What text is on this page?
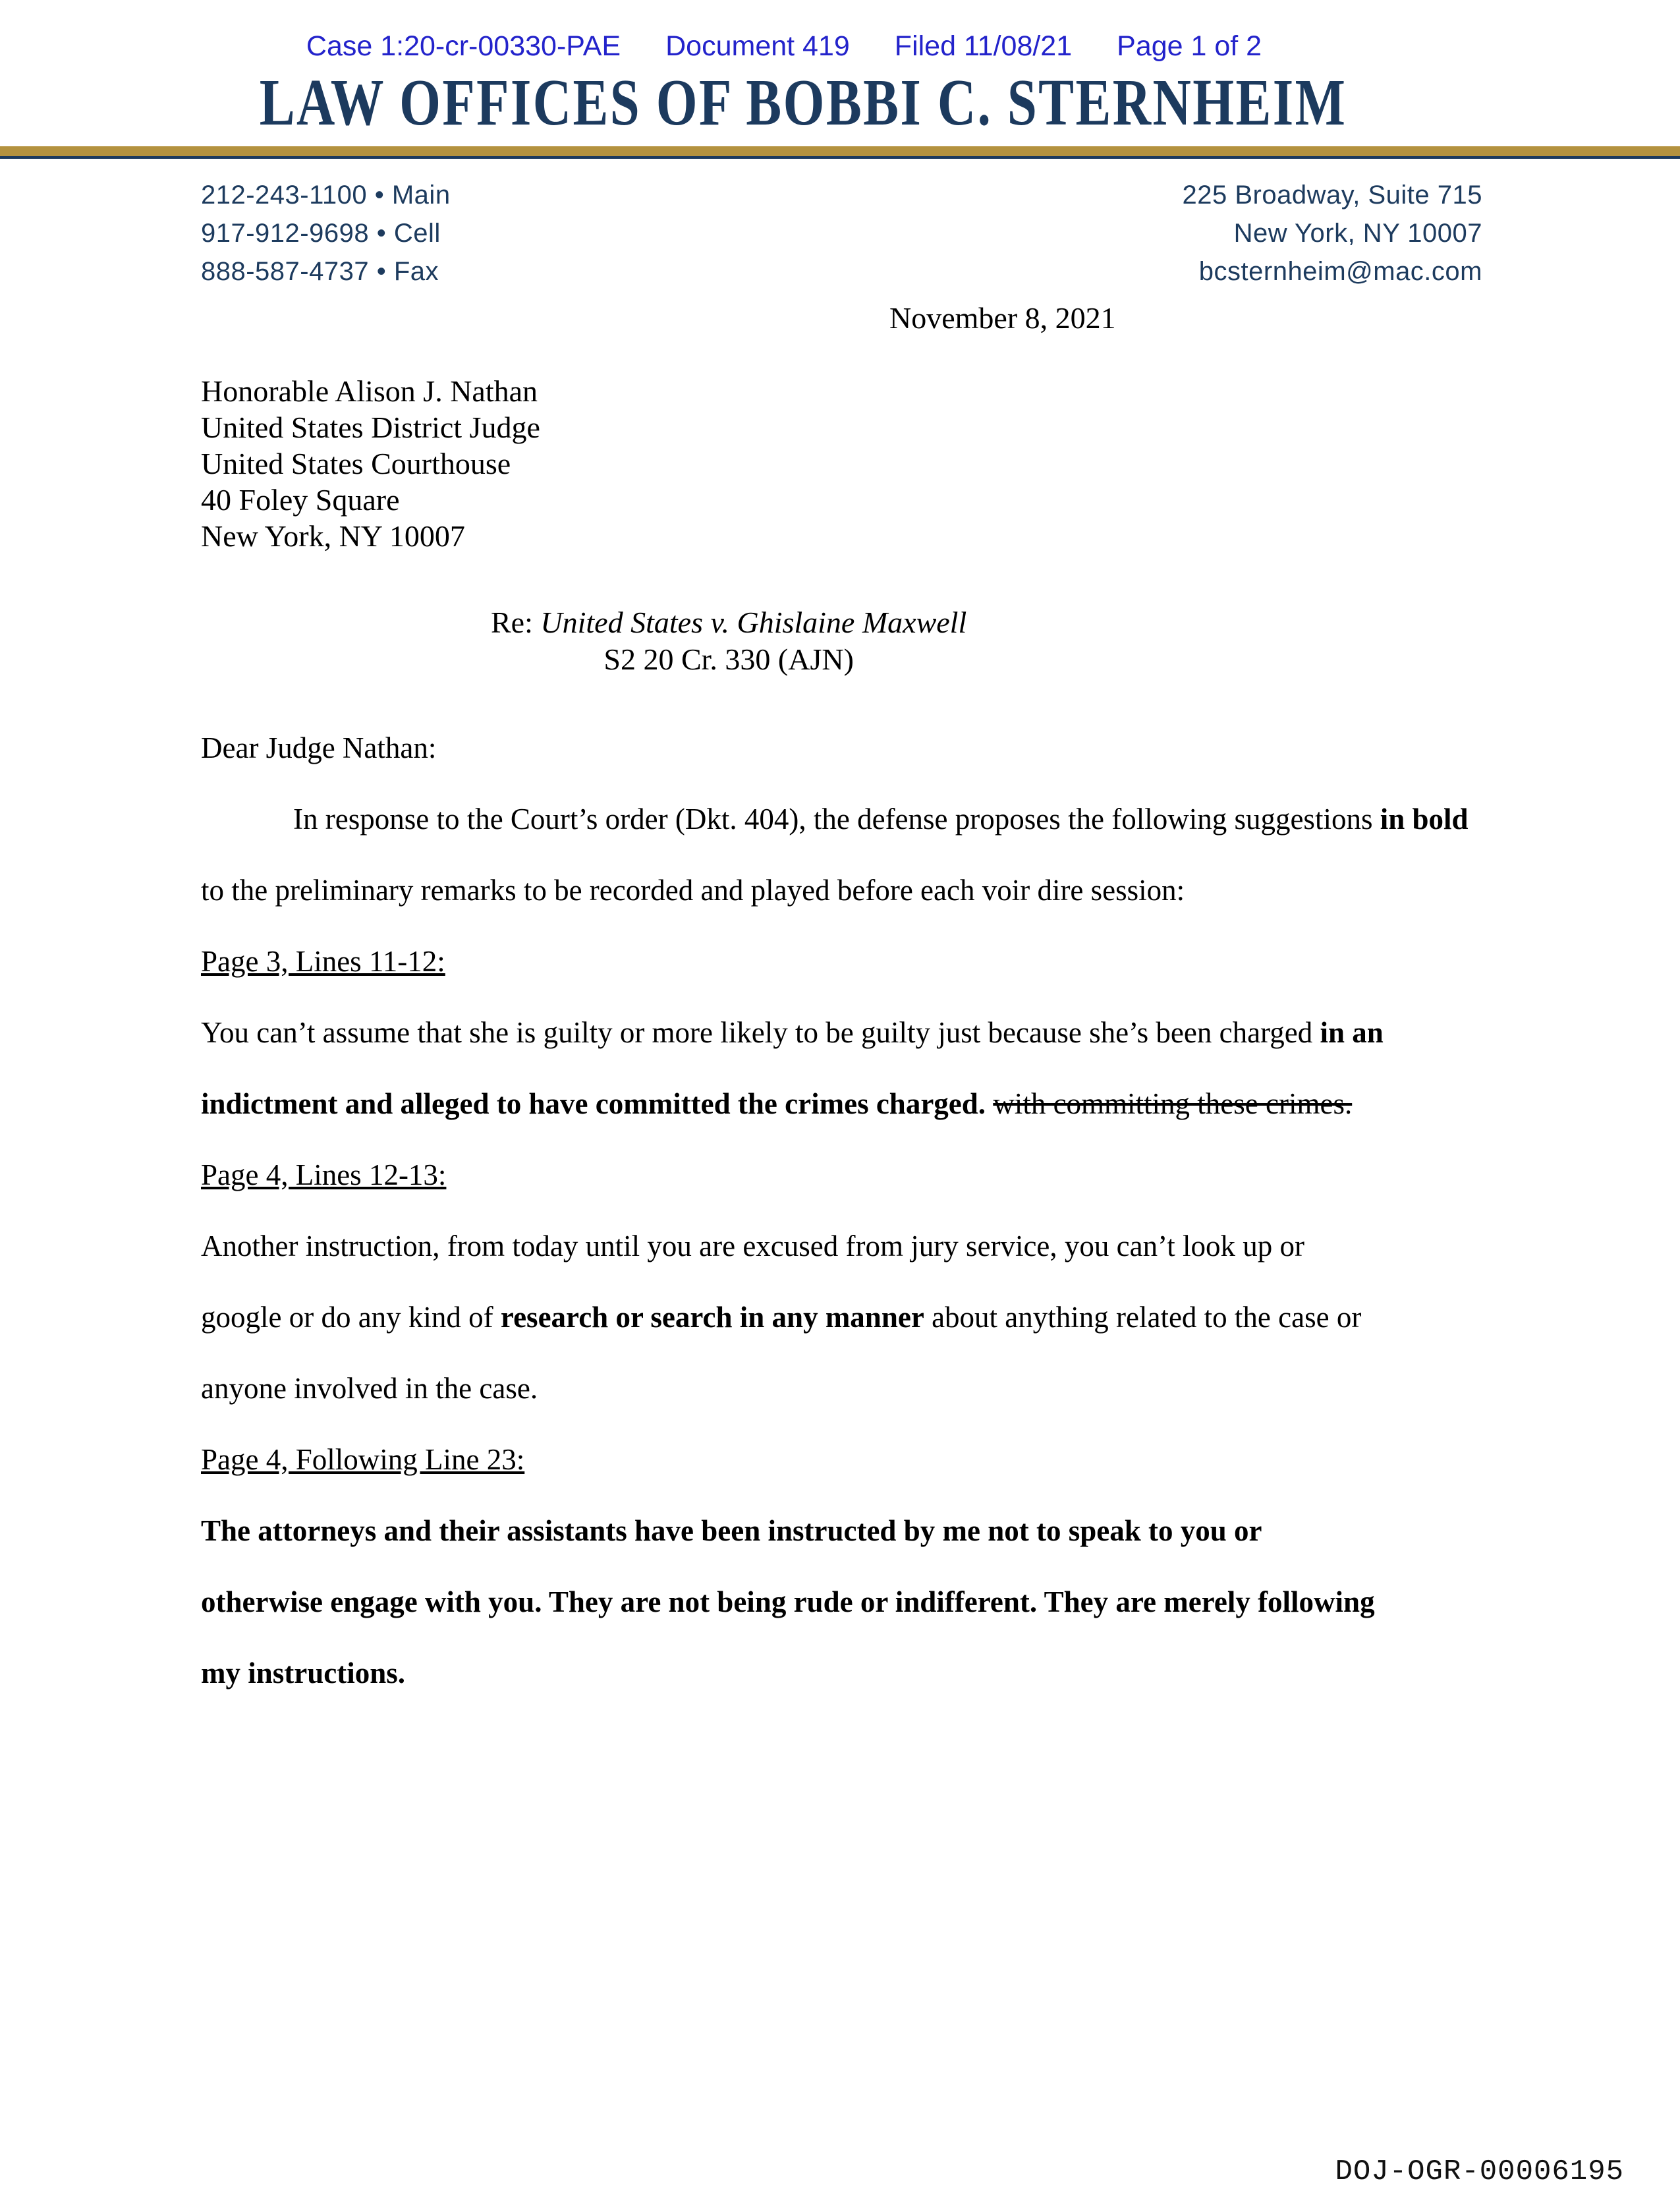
Case 1:20-cr-00330-PAE Document 419 Filed 11/08/21 Page 1 of 2
LAW OFFICES OF BOBBI C. STERNHEIM
212-243-1100 • Main
917-912-9698 • Cell
888-587-4737 • Fax
225 Broadway, Suite 715
New York, NY 10007
bcsternheim@mac.com
November 8, 2021
Honorable Alison J. Nathan
United States District Judge
United States Courthouse
40 Foley Square
New York, NY 10007
Re: United States v. Ghislaine Maxwell
S2 20 Cr. 330 (AJN)

Dear Judge Nathan:

In response to the Court’s order (Dkt. 404), the defense proposes the following suggestions in bold to the preliminary remarks to be recorded and played before each voir dire session:

Page 3, Lines 11-12:

You can’t assume that she is guilty or more likely to be guilty just because she’s been charged in an indictment and alleged to have committed the crimes charged. with committing these crimes.

Page 4, Lines 12-13:

Another instruction, from today until you are excused from jury service, you can’t look up or google or do any kind of research or search in any manner about anything related to the case or anyone involved in the case.

Page 4, Following Line 23:

The attorneys and their assistants have been instructed by me not to speak to you or otherwise engage with you. They are not being rude or indifferent. They are merely following my instructions.

DOJ-OGR-00006195
